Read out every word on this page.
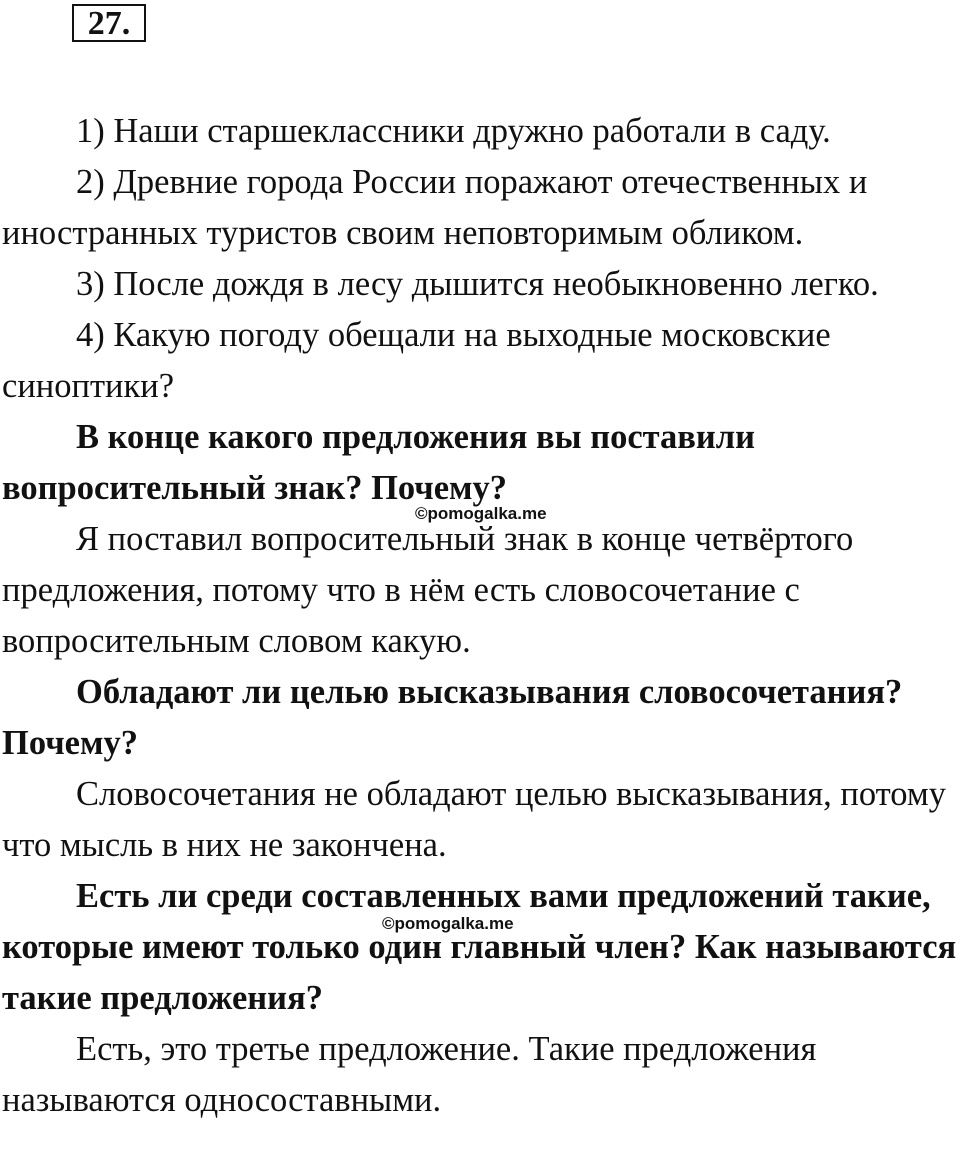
27.

1) Наши старшеклассники дружно работали в саду.

2) Древние города России поражают отечественных и иностранных туристов своим неповторимым обликом.

3) После дождя в лесу дышится необыкновенно легко.

4) Какую погоду обещали на выходные московские синоптики?

В конце какого предложения вы поставили вопросительный знак? Почему?

Я поставил вопросительный знак в конце четвёртого предложения, потому что в нём есть словосочетание с вопросительным словом какую.

Обладают ли целью высказывания словосочетания? Почему?

Словосочетания не обладают целью высказывания, потому что мысль в них не закончена.

Есть ли среди составленных вами предложений такие, которые имеют только один главный член? Как называются такие предложения?

Есть, это третье предложение. Такие предложения называются односоставными.

©pomogalka.me
©pomogalka.me
